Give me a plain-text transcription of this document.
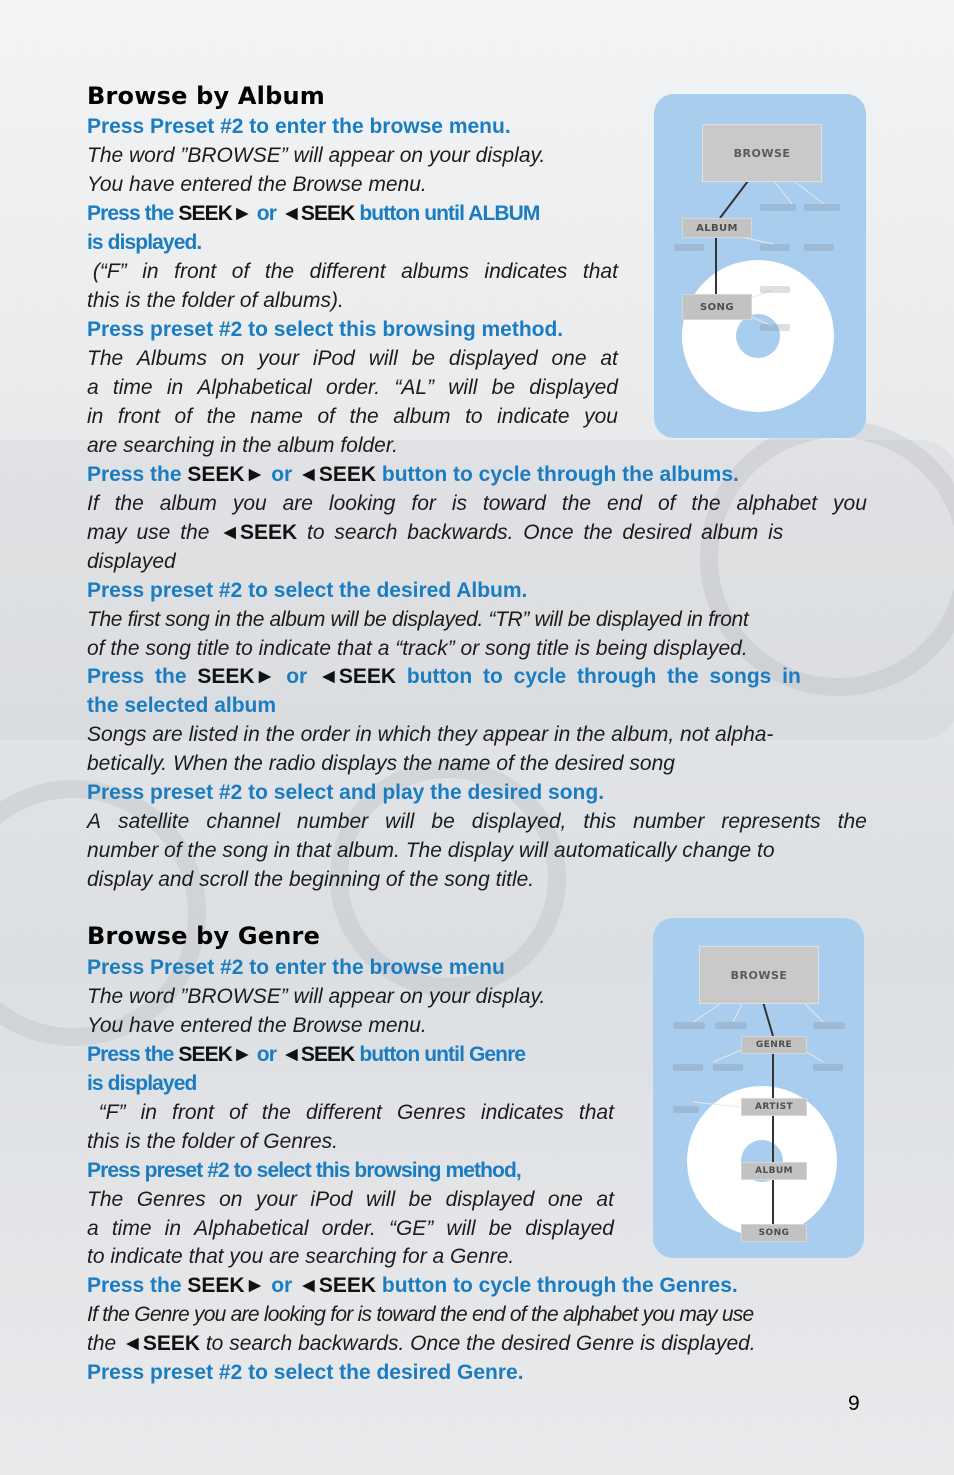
Browse by Album
Press Preset #2 to enter the browse menu.
The word ”BROWSE” will appear on your display.
You have entered the Browse menu.
Press the SEEK► or ◄SEEK button until ALBUM
is displayed.
(“F” in front of the different albums indicates that
this is the folder of albums).
Press preset #2 to select this browsing method.
The Albums on your iPod will be displayed one at
a time in Alphabetical order. “AL” will be displayed
in front of the name of the album to indicate you
are searching in the album folder.
Press the SEEK► or ◄SEEK button to cycle through the albums.
If the album you are looking for is toward the end of the alphabet you
may use the ◄SEEK to search backwards. Once the desired album is
displayed
Press preset #2 to select the desired Album.
The first song in the album will be displayed. “TR” will be displayed in front
of the song title to indicate that a “track” or song title is being displayed.
Press the SEEK► or ◄SEEK button to cycle through the songs in
the selected album
Songs are listed in the order in which they appear in the album, not alpha-
betically. When the radio displays the name of the desired song
Press preset #2 to select and play the desired song.
A satellite channel number will be displayed, this number represents the
number of the song in that album. The display will automatically change to
display and scroll the beginning of the song title.
BROWSE
ALBUM
SONG
Browse by Genre
Press Preset #2 to enter the browse menu
The word ”BROWSE” will appear on your display.
You have entered the Browse menu.
Press the SEEK► or ◄SEEK button until Genre
is displayed
“F” in front of the different Genres indicates that
this is the folder of Genres.
Press preset #2 to select this browsing method,
The Genres on your iPod will be displayed one at
a time in Alphabetical order. “GE” will be displayed
to indicate that you are searching for a Genre.
Press the SEEK► or ◄SEEK button to cycle through the Genres.
If the Genre you are looking for is toward the end of the alphabet you may use
the ◄SEEK to search backwards. Once the desired Genre is displayed.
Press preset #2 to select the desired Genre.
BROWSE
GENRE
ARTIST
ALBUM
SONG
9
